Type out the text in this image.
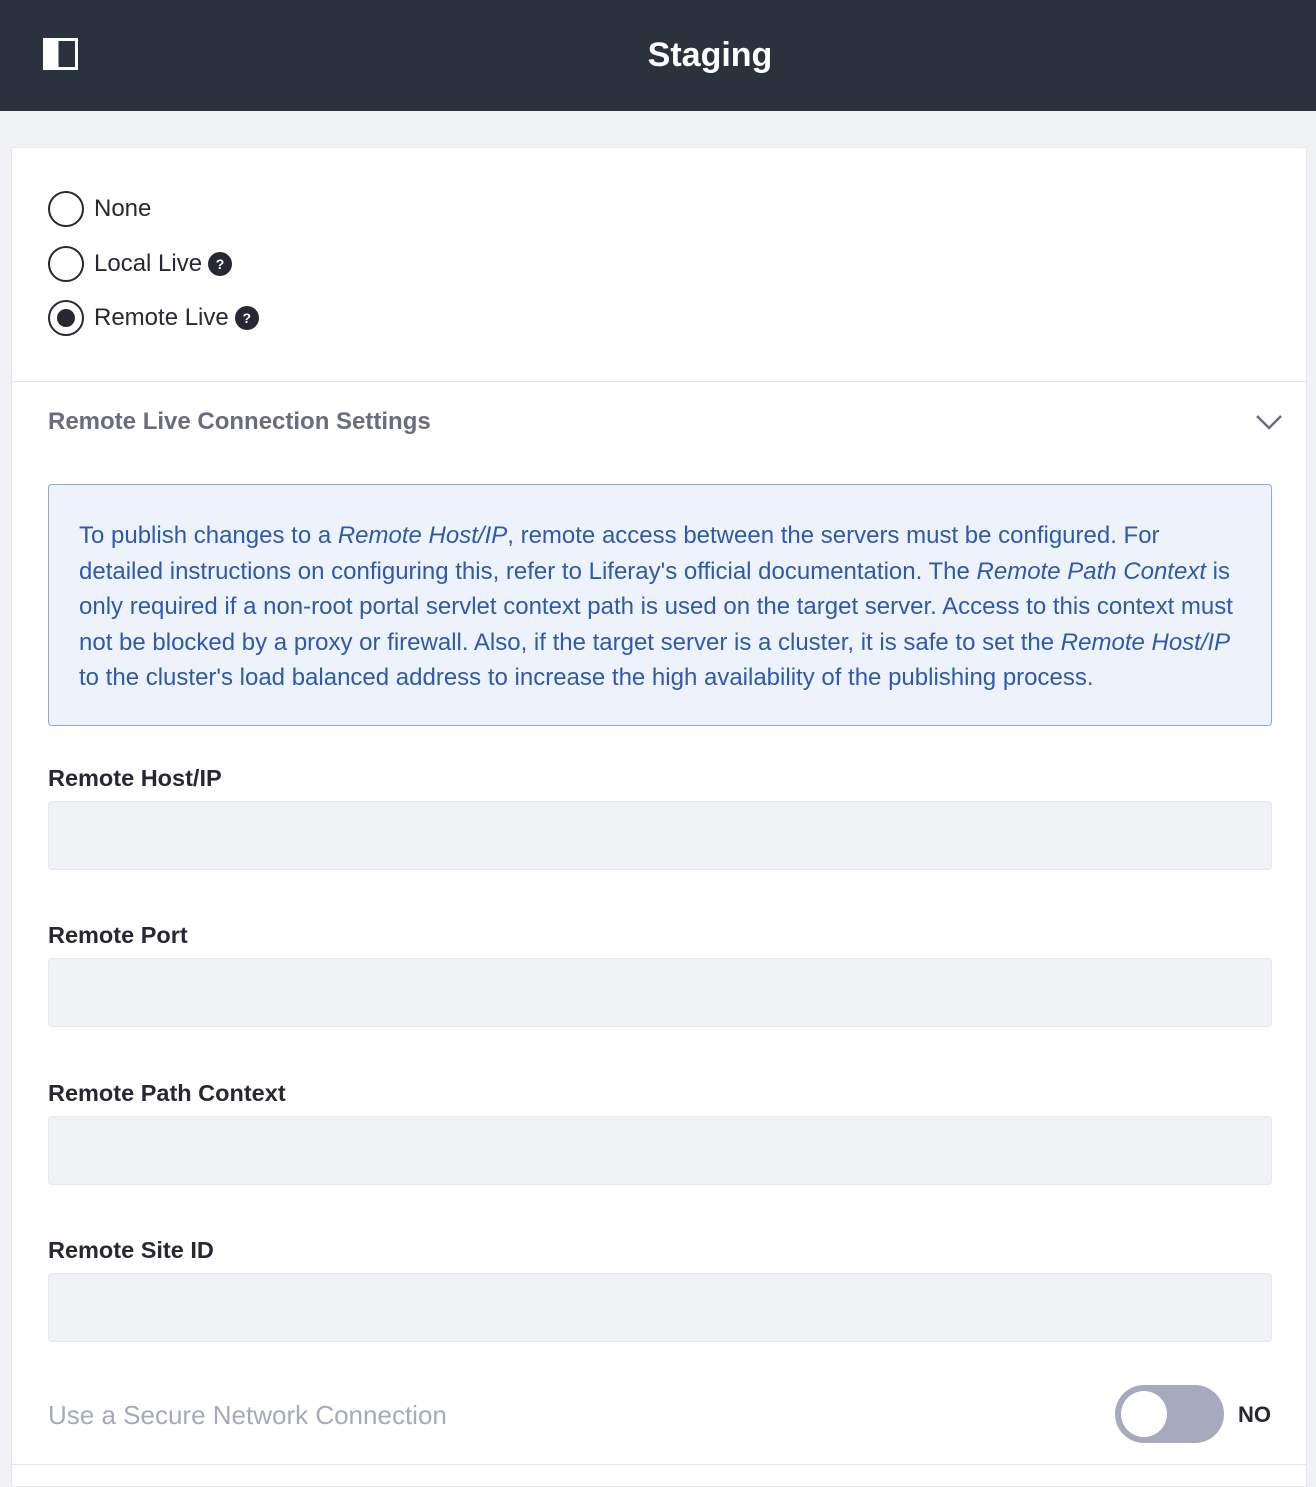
Staging
None
Local Live ?
Remote Live ?
Remote Live Connection Settings
To publish changes to a Remote Host/IP, remote access between the servers must be configured. For detailed instructions on configuring this, refer to Liferay's official documentation. The Remote Path Context is only required if a non-root portal servlet context path is used on the target server. Access to this context must not be blocked by a proxy or firewall. Also, if the target server is a cluster, it is safe to set the Remote Host/IP to the cluster's load balanced address to increase the high availability of the publishing process.
Remote Host/IP
Remote Port
Remote Path Context
Remote Site ID
Use a Secure Network Connection	NO
